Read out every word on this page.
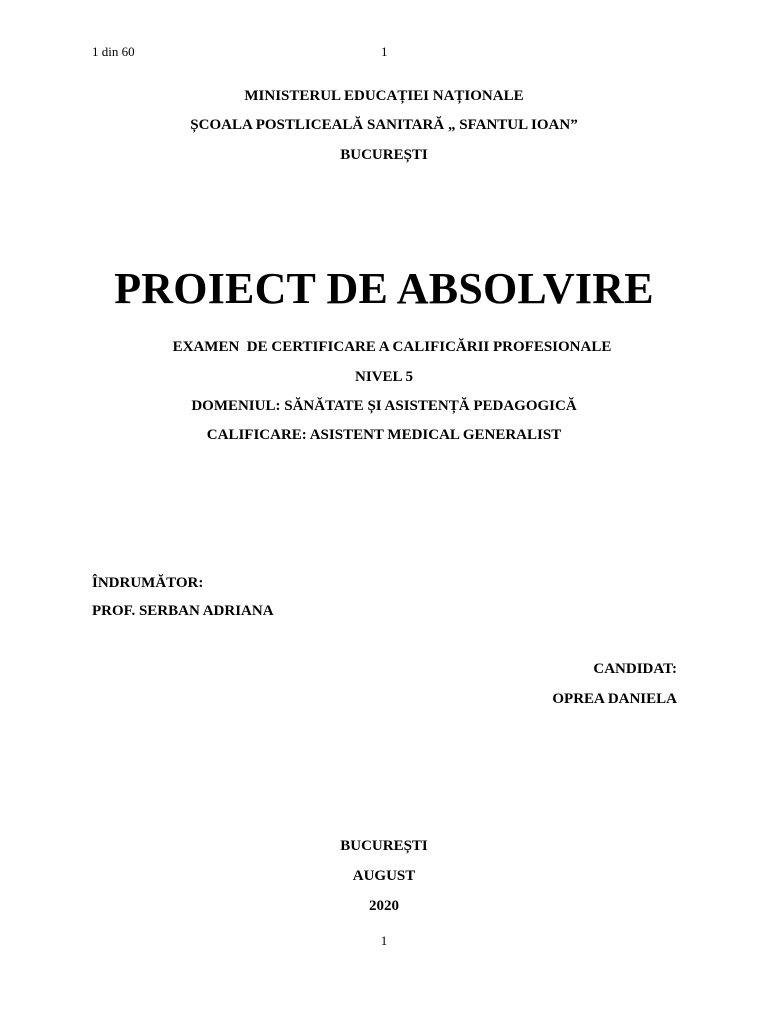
1 din 60	1
MINISTERUL EDUCAȚIEI NAȚIONALE
ȘCOALA POSTLICEALĂ SANITARĂ „ SFANTUL IOAN”
BUCUREȘTI
PROIECT DE ABSOLVIRE
EXAMEN  DE CERTIFICARE A CALIFICĂRII PROFESIONALE
NIVEL 5
DOMENIUL: SĂNĂTATE ȘI ASISTENȚĂ PEDAGOGICĂ
CALIFICARE: ASISTENT MEDICAL GENERALIST
ÎNDRUMĂTOR:
PROF. SERBAN ADRIANA
CANDIDAT:
OPREA DANIELA
BUCUREȘTI
AUGUST
2020
1
